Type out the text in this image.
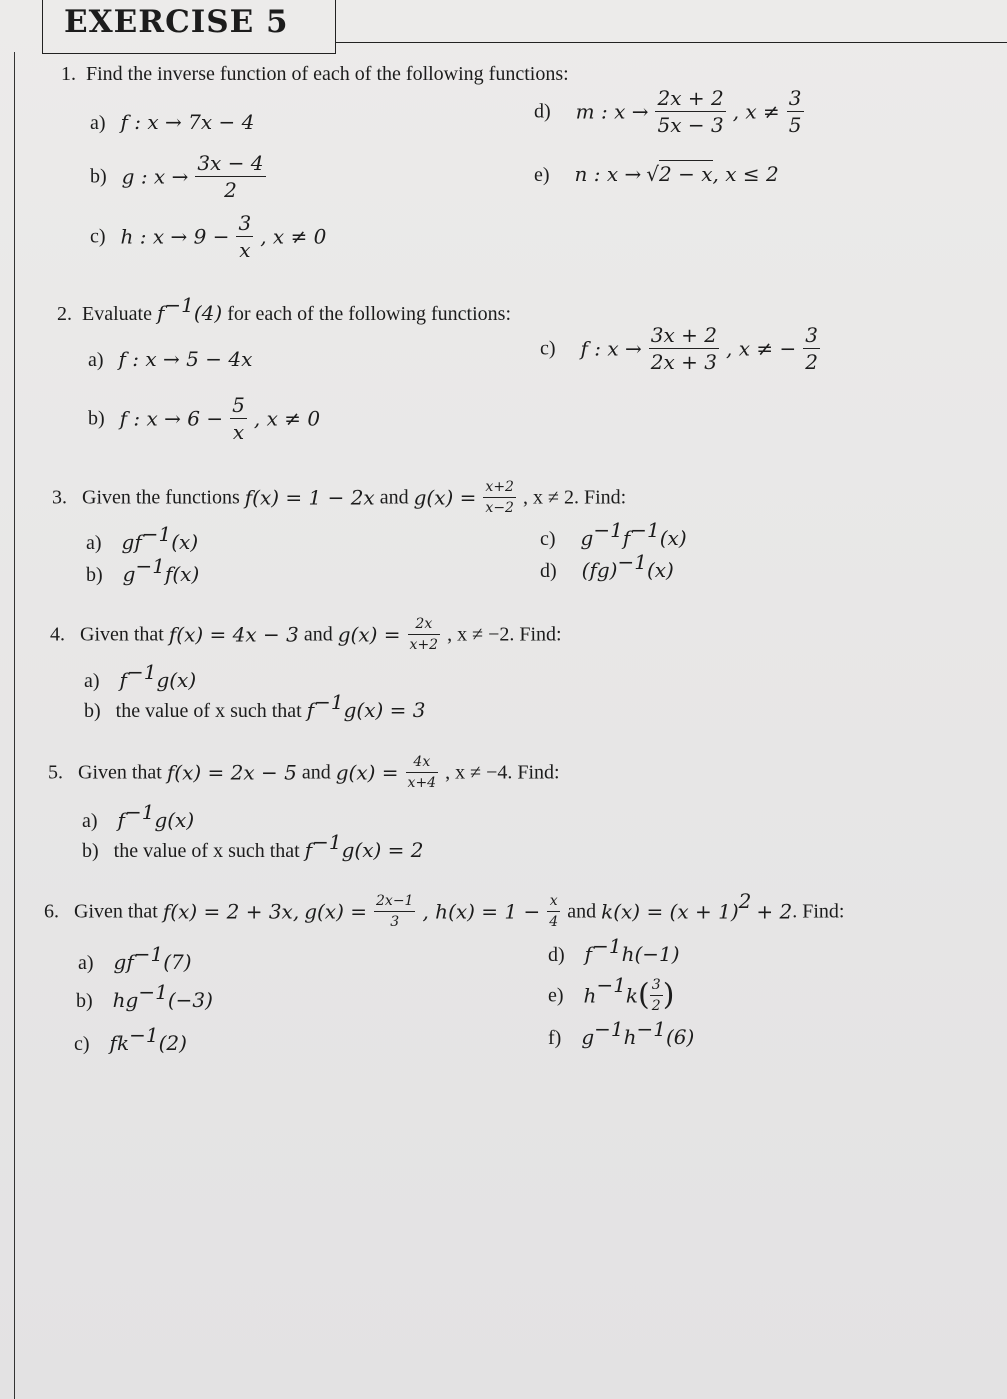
EXERCISE 5
1. Find the inverse function of each of the following functions:
a) f : x → 7x − 4
b) g : $x \to \frac{3x - 4}{2}$
c) h : $x \to 9 - \frac{3}{x}$ , x ≠ 0
d) m : $x \to \frac{2x + 2}{5x - 3}$ , $x \ne \frac{3}{5}$
e) n : x → √2 − x, x ≤ 2
2. Evaluate $f^{-1}(4)$ for each of the following functions:
a) f : x → 5 − 4x
b) f : $x \to 6 - \frac{5}{x}$ , x ≠ 0
c) f : $x \to \frac{3x + 2}{2x + 3}$ , x ≠ − $\frac{3}{2}$
3. Given the functions f(x) = 1 − 2x and $g(x) = \frac{x+2}{x-2}$ , x ≠ 2. Find:
a) $gf^{-1}(x)$
b) $g^{-1}f(x)$
c) $g^{-1}f^{-1}(x)$
d) (fg)$^{-1}$(x)
4. Given that f(x) = 4x − 3 and $g(x) = \frac{2x}{x+2}$ , x ≠ −2. Find:
a) $f^{-1}g(x)$
b) the value of x such that $f^{-1}g(x) = 3$
5. Given that f(x) = 2x − 5 and $g(x) = \frac{4x}{x+4}$ , x ≠ −4. Find:
a) $f^{-1}g(x)$
b) the value of x such that $f^{-1}g(x) = 2$
6. Given that f(x) = 2 + 3x, $g(x) = \frac{2x-1}{3}$ , $h(x) = 1 - \frac{x}{4}$ and $k(x) = (x + 1)^2 + 2$. Find:
a) $gf^{-1}(7)$
b) $hg^{-1}(-3)$
c) $fk^{-1}(2)$
d) $f^{-1}h(-1)$
e) $h^{-1}k( \frac{3}{2}$ )
f) $g^{-1}h^{-1}(6)$
